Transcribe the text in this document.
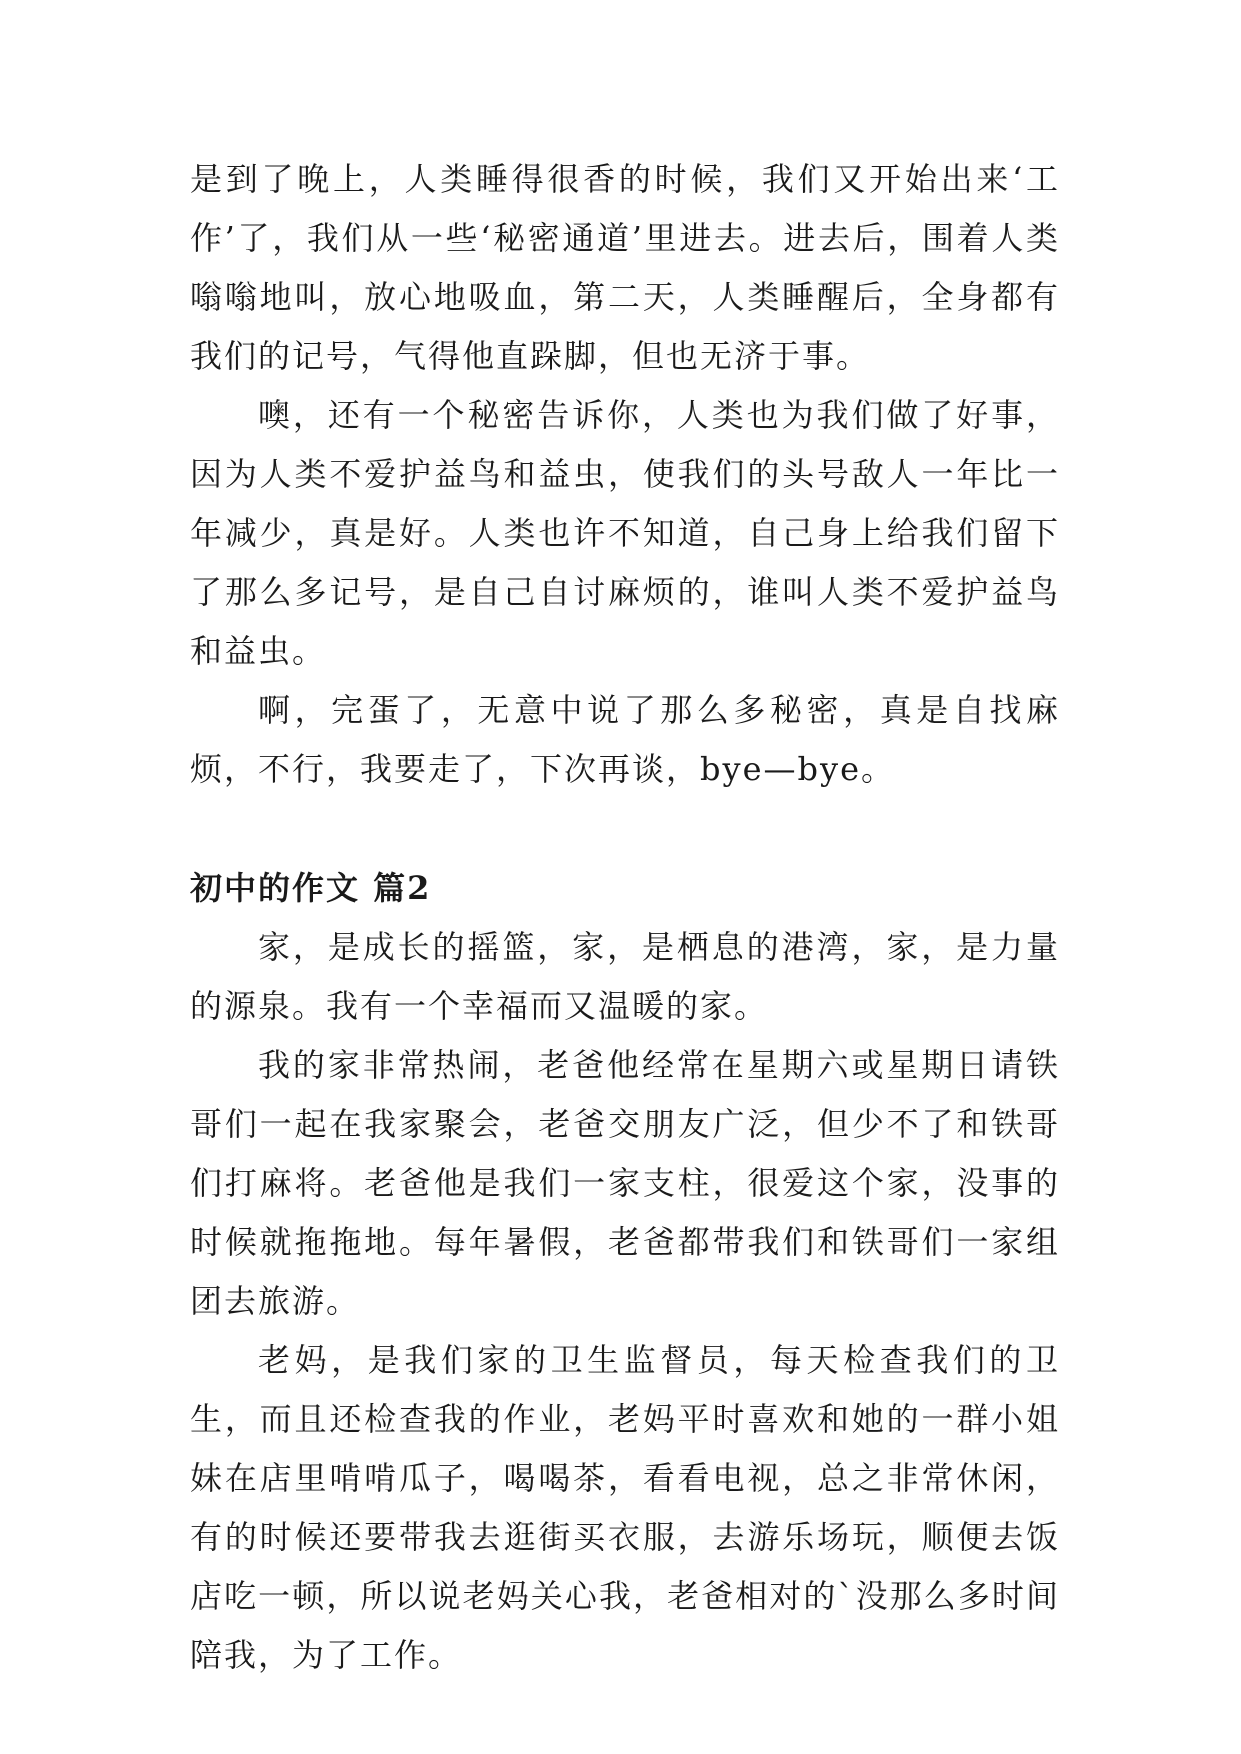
是到了晚上，人类睡得很香的时候，我们又开始出来‘工作’了，我们从一些‘秘密通道’里进去。进去后，围着人类嗡嗡地叫，放心地吸血，第二天，人类睡醒后，全身都有我们的记号，气得他直跺脚，但也无济于事。

噢，还有一个秘密告诉你，人类也为我们做了好事，因为人类不爱护益鸟和益虫，使我们的头号敌人一年比一年减少，真是好。人类也许不知道，自己身上给我们留下了那么多记号，是自己自讨麻烦的，谁叫人类不爱护益鸟和益虫。

啊，完蛋了，无意中说了那么多秘密，真是自找麻烦，不行，我要走了，下次再谈，bye—bye。

初中的作文 篇2

家，是成长的摇篮，家，是栖息的港湾，家，是力量的源泉。我有一个幸福而又温暖的家。

我的家非常热闹，老爸他经常在星期六或星期日请铁哥们一起在我家聚会，老爸交朋友广泛，但少不了和铁哥们打麻将。老爸他是我们一家支柱，很爱这个家，没事的时候就拖拖地。每年暑假，老爸都带我们和铁哥们一家组团去旅游。

老妈，是我们家的卫生监督员，每天检查我们的卫生，而且还检查我的作业，老妈平时喜欢和她的一群小姐妹在店里啃啃瓜子，喝喝茶，看看电视，总之非常休闲，有的时候还要带我去逛街买衣服，去游乐场玩，顺便去饭店吃一顿，所以说老妈关心我，老爸相对的`没那么多时间陪我，为了工作。
